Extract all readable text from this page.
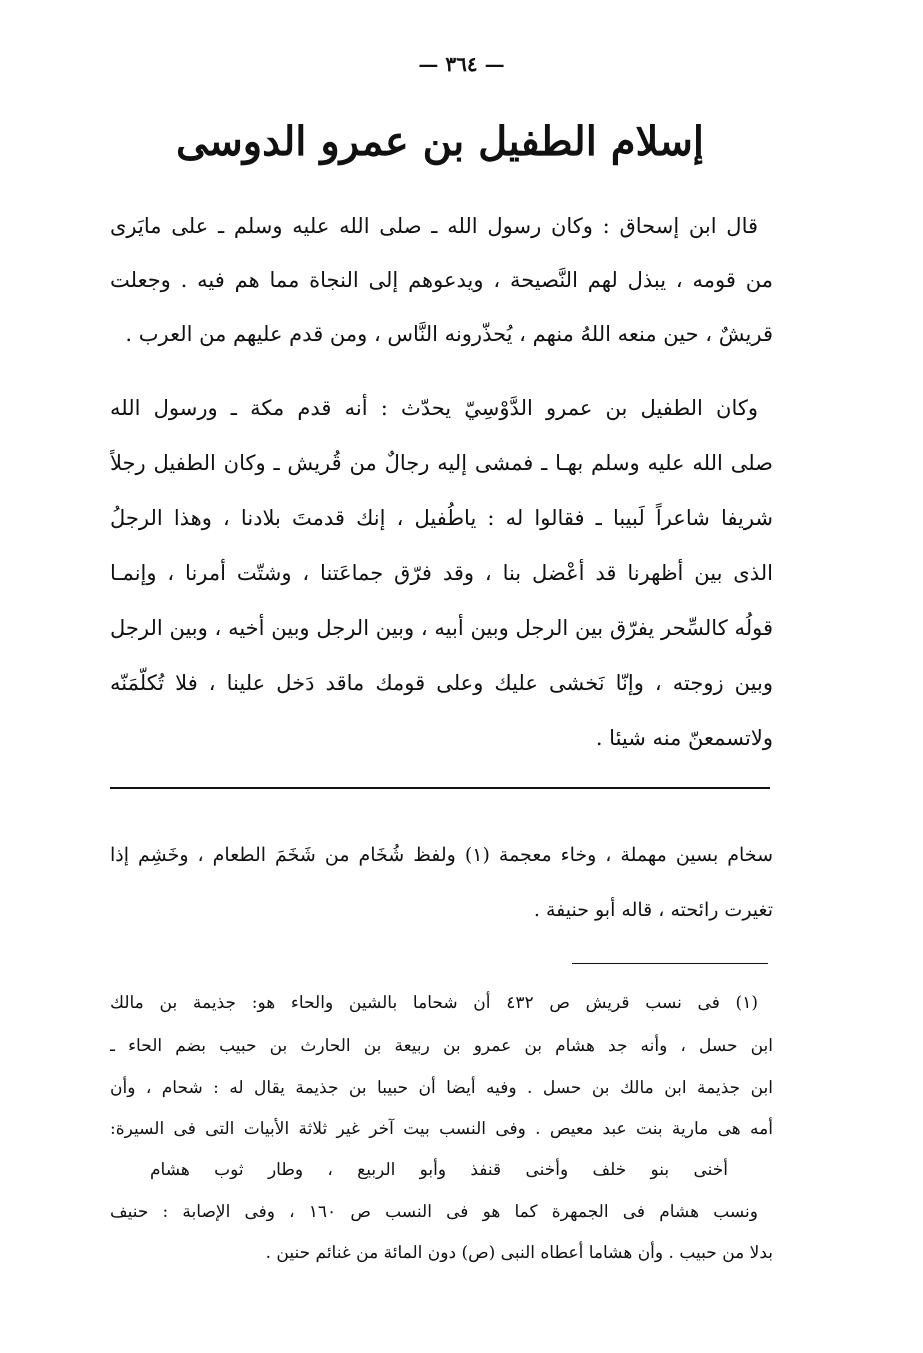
— ٣٦٤ —
إسلام الطفيل بن عمرو الدوسى
قال ابن إسحاق : وكان رسول الله ـ صلى الله عليه وسلم ـ على مايَرى
من قومه ، يبذل لهم النَّصيحة ، ويدعوهم إلى النجاة مما هم فيه . وجعلت
قريشٌ ، حين منعه اللهُ منهم ، يُحذّرونه النَّاس ، ومن قدم عليهم من العرب .
وكان الطفيل بن عمرو الدَّوْسِيّ يحدّث : أنه قدم مكة ـ ورسول الله
صلى الله عليه وسلم بهـا ـ فمشى إليه رجالٌ من قُريش ـ وكان الطفيل رجلاً
شريفا شاعراً لَبيبا ـ فقالوا له : ياطُفيل ، إنك قدمتَ بلادنا ، وهذا الرجلُ
الذى بين أظهرنا قد أعْضل بنا ، وقد فرّق جماعَتنا ، وشتّت أمرنا ، وإنمـا
قولُه كالسِّحر يفرّق بين الرجل وبين أبيه ، وبين الرجل وبين أخيه ، وبين الرجل
وبين زوجته ، وإنّا نَخشى عليك وعلى قومك ماقد دَخل علينا ، فلا تُكلّمَنّه
ولاتسمعنّ منه شيئا .
سخام بسين مهملة ، وخاء معجمة (١) ولفظ شُخَام من شَخَمَ الطعام ، وخَشِم إذا
تغيرت رائحته ، قاله أبو حنيفة .
(١) فى نسب قريش ص ٤٣٢ أن شحاما بالشين والحاء هو: جذيمة بن مالك
ابن حسل ، وأنه جد هشام بن عمرو بن ربيعة بن الحارث بن حبيب بضم الحاء ـ
ابن جذيمة ابن مالك بن حسل . وفيه أيضا أن حبيبا بن جذيمة يقال له : شحام ، وأن
أمه هى مارية بنت عبد معيص . وفى النسب بيت آخر غير ثلاثة الأبيات التى فى السيرة:
أخنى بنو خلف وأخنى قنفذ وأبو الربيع ، وطار ثوب هشام
ونسب هشام فى الجمهرة كما هو فى النسب ص ١٦٠ ، وفى الإصابة : حنيف
بدلا من حبيب . وأن هشاما أعطاه النبى (ص) دون المائة من غنائم حنين .
